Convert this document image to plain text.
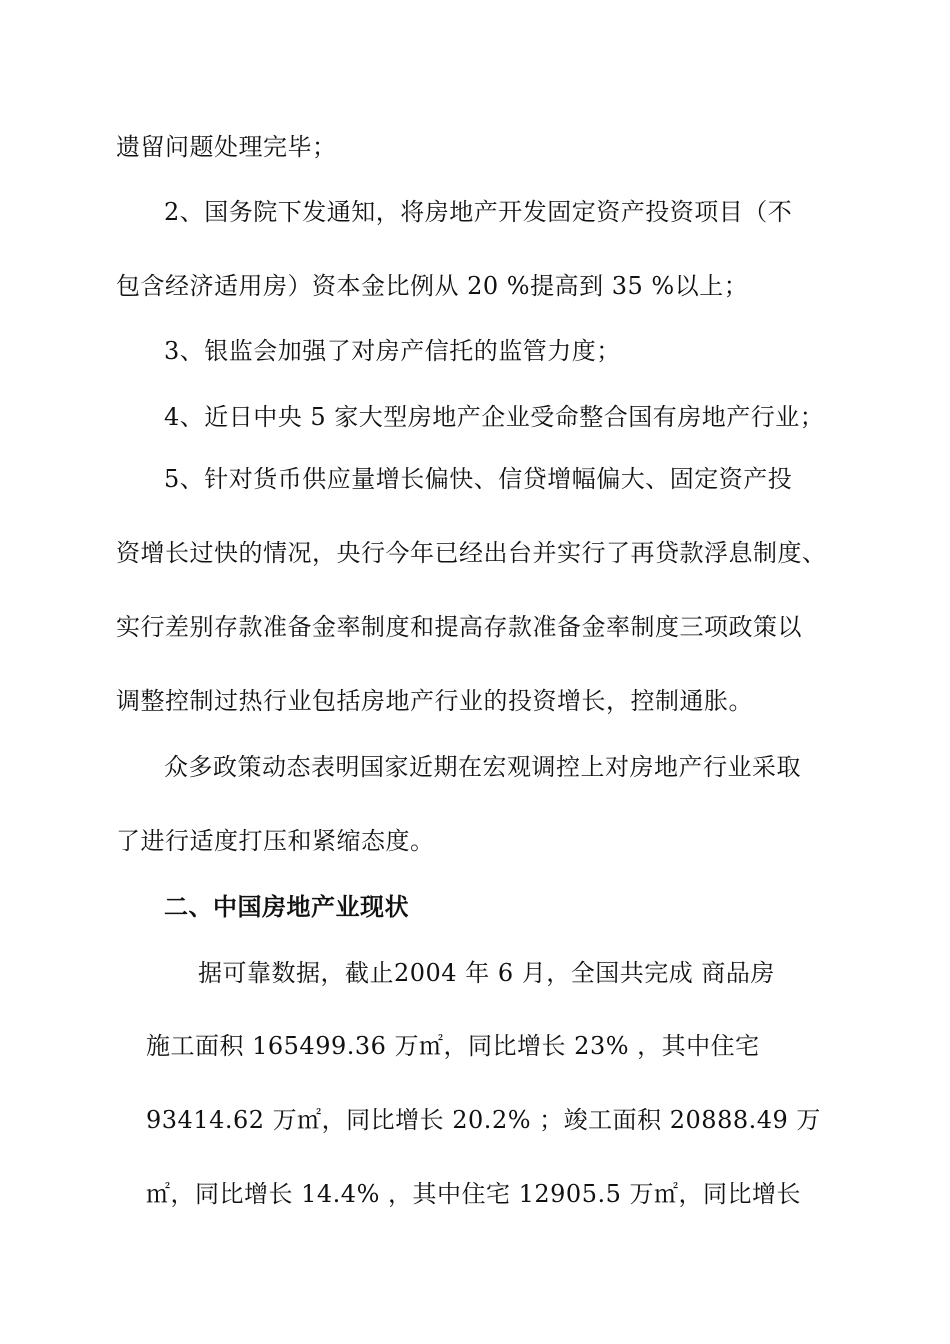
遗留问题处理完毕；
2、国务院下发通知，将房地产开发固定资产投资项目（不
包含经济适用房）资本金比例从 20 %提高到 35 %以上；
3、银监会加强了对房产信托的监管力度；
4、近日中央 5 家大型房地产企业受命整合国有房地产行业；
5、针对货币供应量增长偏快、信贷增幅偏大、固定资产投
资增长过快的情况，央行今年已经出台并实行了再贷款浮息制度、
实行差别存款准备金率制度和提高存款准备金率制度三项政策以
调整控制过热行业包括房地产行业的投资增长，控制通胀。
众多政策动态表明国家近期在宏观调控上对房地产行业采取
了进行适度打压和紧缩态度。
二、中国房地产业现状
据可靠数据，截止2004 年 6 月，全国共完成 商品房
施工面积 165499.36 万㎡，同比增长 23% ，其中住宅
93414.62 万㎡，同比增长 20.2% ；竣工面积 20888.49 万
㎡，同比增长 14.4% ，其中住宅 12905.5 万㎡，同比增长
